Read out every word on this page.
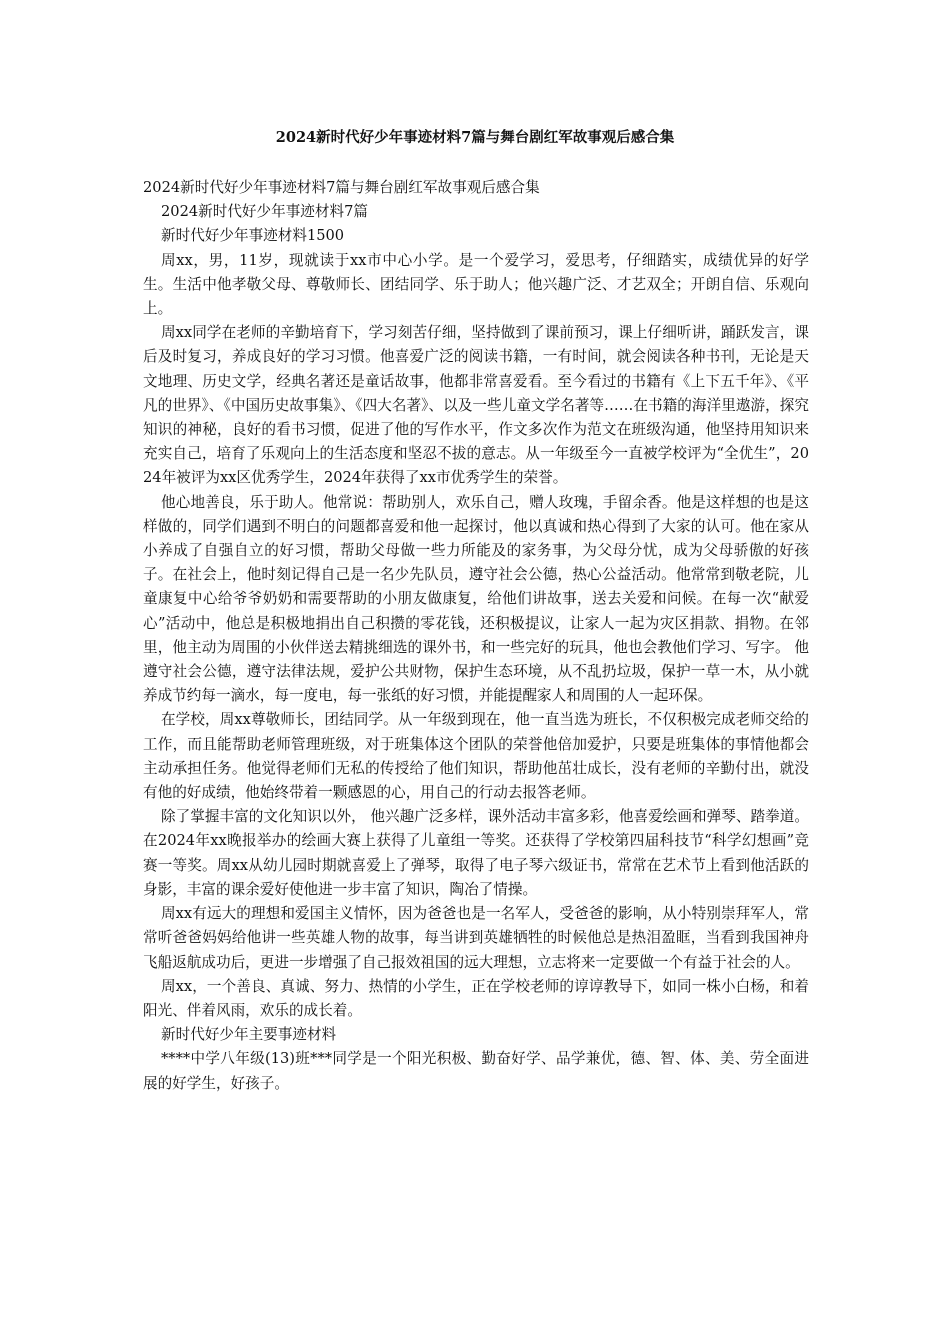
2024新时代好少年事迹材料7篇与舞台剧红军故事观后感合集

2024新时代好少年事迹材料7篇与舞台剧红军故事观后感合集

2024新时代好少年事迹材料7篇

新时代好少年事迹材料1500

周xx，男，11岁，现就读于xx市中心小学。是一个爱学习，爱思考，仔细踏实，成绩优异的好学生。生活中他孝敬父母、尊敬师长、团结同学、乐于助人；他兴趣广泛、才艺双全；开朗自信、乐观向上。

周xx同学在老师的辛勤培育下，学习刻苦仔细，坚持做到了课前预习，课上仔细听讲，踊跃发言，课后及时复习，养成良好的学习习惯。他喜爱广泛的阅读书籍，一有时间，就会阅读各种书刊，无论是天文地理、历史文学，经典名著还是童话故事，他都非常喜爱看。至今看过的书籍有《上下五千年》、《平凡的世界》、《中国历史故事集》、《四大名著》、以及一些儿童文学名著等……在书籍的海洋里遨游，探究知识的神秘，良好的看书习惯，促进了他的写作水平，作文多次作为范文在班级沟通，他坚持用知识来充实自己，培育了乐观向上的生活态度和坚忍不拔的意志。从一年级至今一直被学校评为“全优生”，2024年被评为xx区优秀学生，2024年获得了xx市优秀学生的荣誉。

他心地善良，乐于助人。他常说：帮助别人，欢乐自己，赠人玫瑰，手留余香。他是这样想的也是这样做的，同学们遇到不明白的问题都喜爱和他一起探讨，他以真诚和热心得到了大家的认可。他在家从小养成了自强自立的好习惯，帮助父母做一些力所能及的家务事，为父母分忧，成为父母骄傲的好孩子。在社会上，他时刻记得自己是一名少先队员，遵守社会公德，热心公益活动。他常常到敬老院，儿童康复中心给爷爷奶奶和需要帮助的小朋友做康复，给他们讲故事，送去关爱和问候。在每一次“献爱心”活动中，他总是积极地捐出自己积攒的零花钱，还积极提议，让家人一起为灾区捐款、捐物。在邻里，他主动为周围的小伙伴送去精挑细选的课外书，和一些完好的玩具，他也会教他们学习、写字。 他遵守社会公德，遵守法律法规，爱护公共财物，保护生态环境，从不乱扔垃圾，保护一草一木，从小就养成节约每一滴水，每一度电，每一张纸的好习惯，并能提醒家人和周围的人一起环保。

在学校，周xx尊敬师长，团结同学。从一年级到现在，他一直当选为班长，不仅积极完成老师交给的工作，而且能帮助老师管理班级，对于班集体这个团队的荣誉他倍加爱护，只要是班集体的事情他都会主动承担任务。他觉得老师们无私的传授给了他们知识，帮助他茁壮成长，没有老师的辛勤付出，就没有他的好成绩，他始终带着一颗感恩的心，用自己的行动去报答老师。

除了掌握丰富的文化知识以外， 他兴趣广泛多样，课外活动丰富多彩，他喜爱绘画和弹琴、踏拳道。在2024年xx晚报举办的绘画大赛上获得了儿童组一等奖。还获得了学校第四届科技节“科学幻想画”竞赛一等奖。周xx从幼儿园时期就喜爱上了弹琴，取得了电子琴六级证书，常常在艺术节上看到他活跃的身影，丰富的课余爱好使他进一步丰富了知识，陶冶了情操。

周xx有远大的理想和爱国主义情怀，因为爸爸也是一名军人，受爸爸的影响，从小特别崇拜军人，常常听爸爸妈妈给他讲一些英雄人物的故事，每当讲到英雄牺牲的时候他总是热泪盈眶，当看到我国神舟飞船返航成功后，更进一步增强了自己报效祖国的远大理想，立志将来一定要做一个有益于社会的人。

周xx，一个善良、真诚、努力、热情的小学生，正在学校老师的谆谆教导下，如同一株小白杨，和着阳光、伴着风雨，欢乐的成长着。

新时代好少年主要事迹材料

****中学八年级(13)班***同学是一个阳光积极、勤奋好学、品学兼优，德、智、体、美、劳全面进展的好学生，好孩子。
